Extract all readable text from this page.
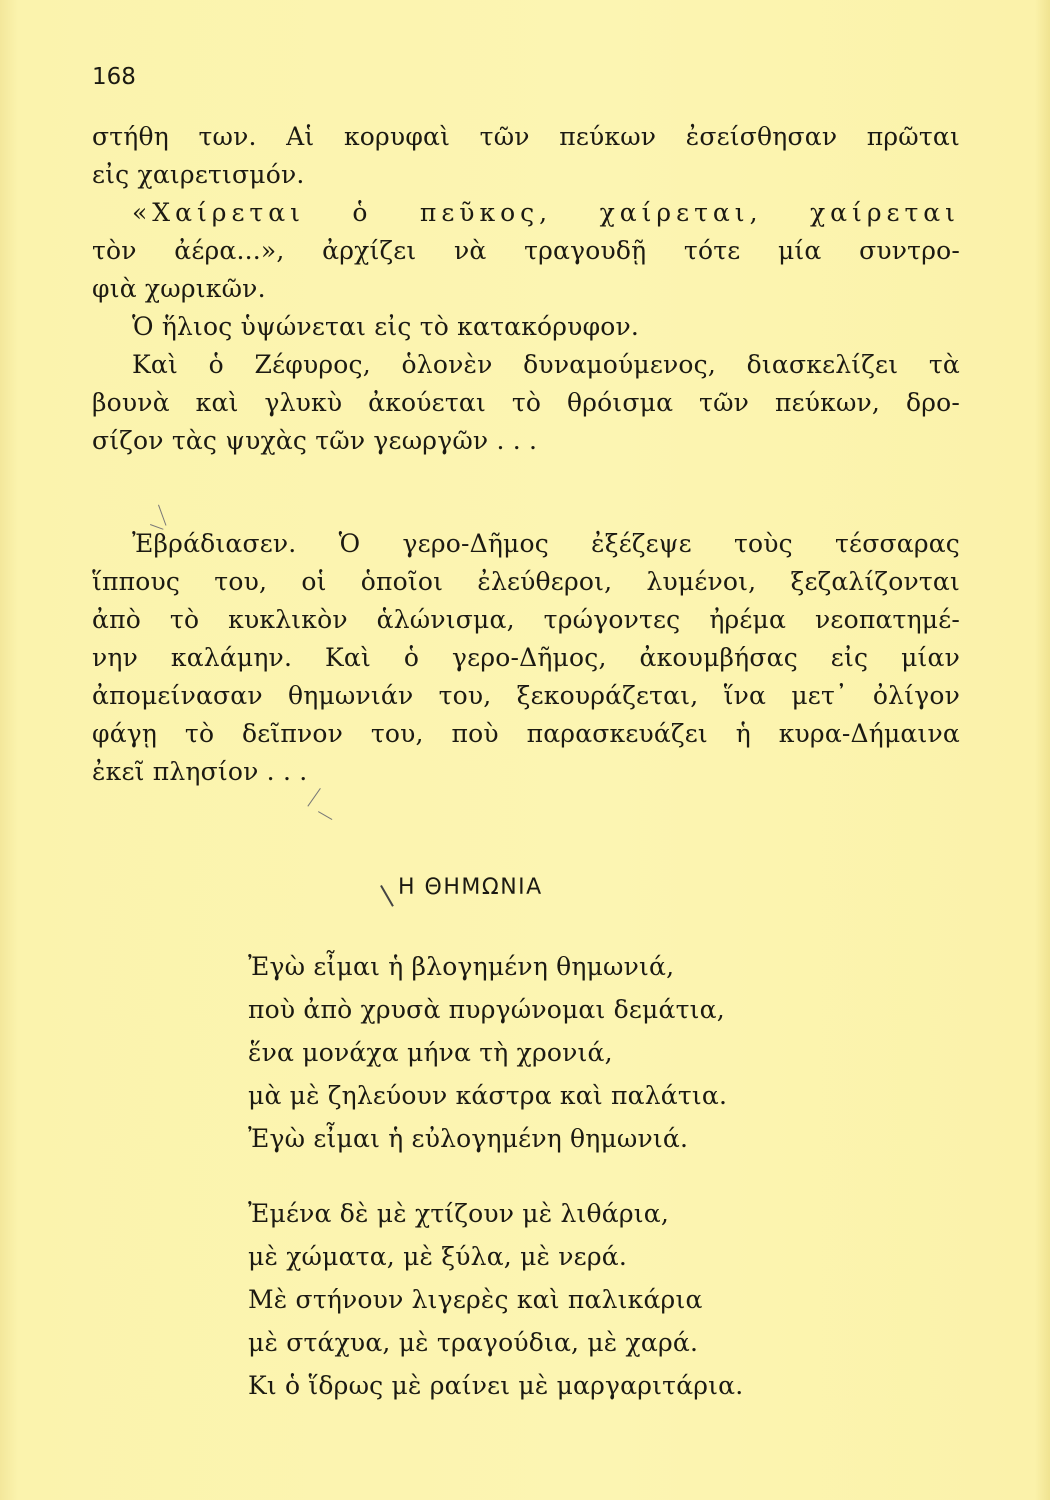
168
στήθη των. Αἱ κορυφαὶ τῶν πεύκων ἐσείσθησαν πρῶται
εἰς χαιρετισμόν.
«Χαίρεται ὁ πεῦκος, χαίρεται, χαίρεται
τὸν ἀέρα...», ἀρχίζει νὰ τραγουδῇ τότε μία συντρο-
φιὰ χωρικῶν.
Ὁ ἥλιος ὑψώνεται εἰς τὸ κατακόρυφον.
Καὶ ὁ Ζέφυρος, ὁλονὲν δυναμούμενος, διασκελίζει τὰ
βουνὰ καὶ γλυκὺ ἀκούεται τὸ θρόισμα τῶν πεύκων, δρο-
σίζον τὰς ψυχὰς τῶν γεωργῶν . . .
Ἐβράδιασεν. Ὁ γερο-Δῆμος ἐξέζεψε τοὺς τέσσαρας
ἵππους του, οἱ ὁποῖοι ἐλεύθεροι, λυμένοι, ξεζαλίζονται
ἀπὸ τὸ κυκλικὸν ἁλώνισμα, τρώγοντες ἠρέμα νεοπατημέ-
νην καλάμην. Καὶ ὁ γερο-Δῆμος, ἀκουμβήσας εἰς μίαν
ἀπομείνασαν θημωνιάν του, ξεκουράζεται, ἵνα μετ᾽ ὀλίγον
φάγῃ τὸ δεῖπνον του, ποὺ παρασκευάζει ἡ κυρα-Δήμαινα
ἐκεῖ πλησίον . . .
Η ΘΗΜΩΝΙΑ
Ἐγὼ εἶμαι ἡ βλογημένη θημωνιά,
ποὺ ἀπὸ χρυσὰ πυργώνομαι δεμάτια,
ἕνα μονάχα μήνα τὴ χρονιά,
μὰ μὲ ζηλεύουν κάστρα καὶ παλάτια.
Ἐγὼ εἶμαι ἡ εὐλογημένη θημωνιά.
Ἐμένα δὲ μὲ χτίζουν μὲ λιθάρια,
μὲ χώματα, μὲ ξύλα, μὲ νερά.
Μὲ στήνουν λιγερὲς καὶ παλικάρια
μὲ στάχυα, μὲ τραγούδια, μὲ χαρά.
Κι ὁ ἵδρως μὲ ραίνει μὲ μαργαριτάρια.
